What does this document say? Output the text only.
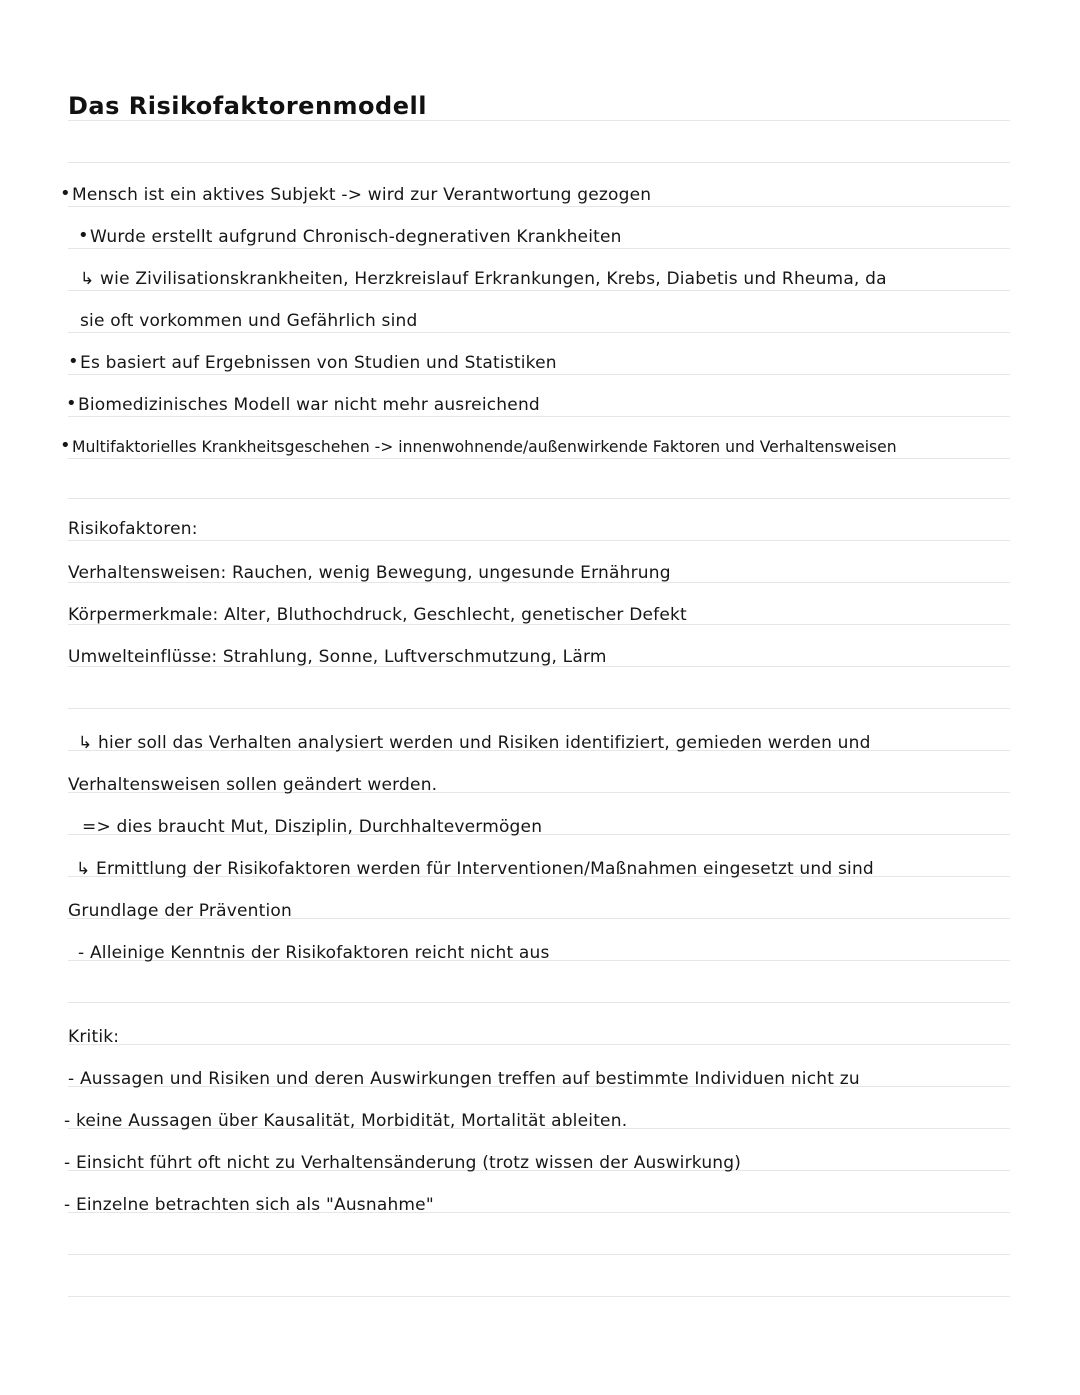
Das Risikofaktorenmodell
• Mensch ist ein aktives Subjekt -> wird zur Verantwortung gezogen
• Wurde erstellt aufgrund Chronisch-degnerativen Krankheiten
↳ wie Zivilisationskrankheiten, Herzkreislauf Erkrankungen, Krebs, Diabetis und Rheuma, da
sie oft vorkommen und Gefährlich sind
• Es basiert auf Ergebnissen von Studien und Statistiken
• Biomedizinisches Modell war nicht mehr ausreichend
• Multifaktorielles Krankheitsgeschehen -> innenwohnende/außenwirkende Faktoren und Verhaltensweisen
Risikofaktoren:
Verhaltensweisen: Rauchen, wenig Bewegung, ungesunde Ernährung
Körpermerkmale: Alter, Bluthochdruck, Geschlecht, genetischer Defekt
Umwelteinflüsse: Strahlung, Sonne, Luftverschmutzung, Lärm
↳ hier soll das Verhalten analysiert werden und Risiken identifiziert, gemieden werden und
Verhaltensweisen sollen geändert werden.
=> dies braucht Mut, Disziplin, Durchhaltevermögen
↳ Ermittlung der Risikofaktoren werden für Interventionen/Maßnahmen eingesetzt und sind
Grundlage der Prävention
- Alleinige Kenntnis der Risikofaktoren reicht nicht aus
Kritik:
- Aussagen und Risiken und deren Auswirkungen treffen auf bestimmte Individuen nicht zu
- keine Aussagen über Kausalität, Morbidität, Mortalität ableiten.
- Einsicht führt oft nicht zu Verhaltensänderung (trotz wissen der Auswirkung)
- Einzelne betrachten sich als "Ausnahme"
